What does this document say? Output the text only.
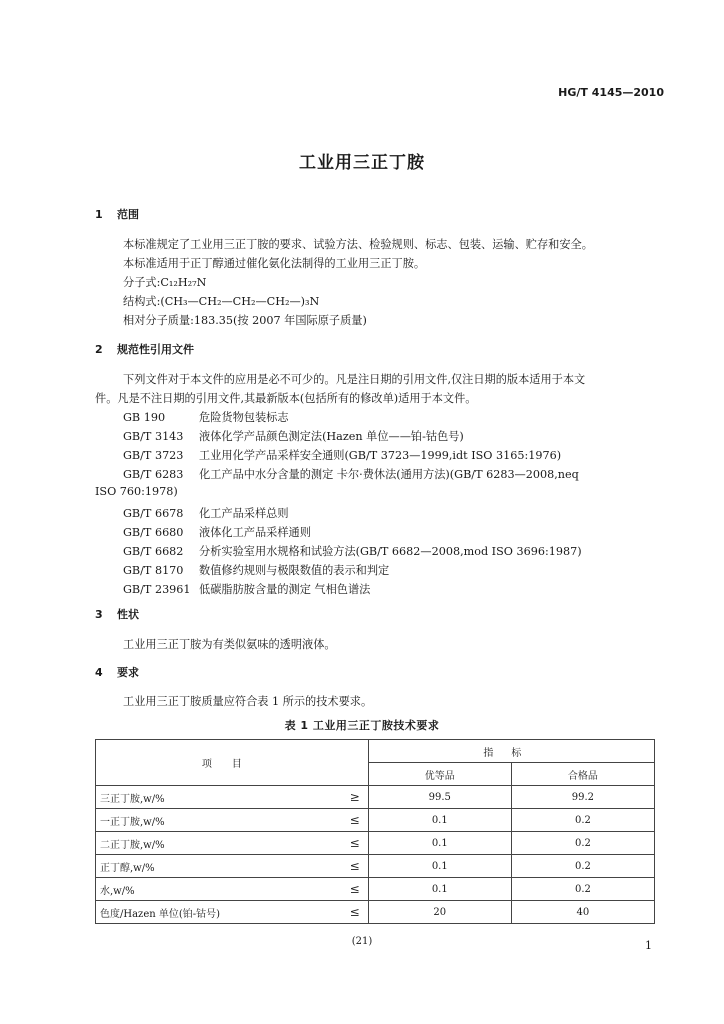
HG/T 4145—2010
工业用三正丁胺
1 范围
本标准规定了工业用三正丁胺的要求、试验方法、检验规则、标志、包装、运输、贮存和安全。
本标准适用于正丁醇通过催化氨化法制得的工业用三正丁胺。
分子式:C₁₂H₂₇N
结构式:(CH₃—CH₂—CH₂—CH₂—)₃N
相对分子质量:183.35(按 2007 年国际原子质量)
2 规范性引用文件
下列文件对于本文件的应用是必不可少的。凡是注日期的引用文件,仅注日期的版本适用于本文
件。凡是不注日期的引用文件,其最新版本(包括所有的修改单)适用于本文件。
GB 190	危险货物包装标志
GB/T 3143 液体化学产品颜色测定法(Hazen 单位——铂-钴色号)
GB/T 3723 工业用化学产品采样安全通则(GB/T 3723—1999,idt ISO 3165:1976)
GB/T 6283 化工产品中水分含量的测定 卡尔·费休法(通用方法)(GB/T 6283—2008,neq
ISO 760:1978)
GB/T 6678 化工产品采样总则
GB/T 6680 液体化工产品采样通则
GB/T 6682 分析实验室用水规格和试验方法(GB/T 6682—2008,mod ISO 3696:1987)
GB/T 8170 数值修约规则与极限数值的表示和判定
GB/T 23961 低碳脂肪胺含量的测定 气相色谱法
3 性状
工业用三正丁胺为有类似氨味的透明液体。
4 要求
工业用三正丁胺质量应符合表 1 所示的技术要求。
表 1 工业用三正丁胺技术要求
项目		指标	
		优等品	合格品
三正丁胺,w/%	≥	99.5	99.2
一正丁胺,w/%	≤	0.1	0.2
二正丁胺,w/%	≤	0.1	0.2
正丁醇,w/%	≤	0.1	0.2
水,w/%	≤	0.1	0.2
色度/Hazen 单位(铂-钴号)	≤	20	40
(21)	1
